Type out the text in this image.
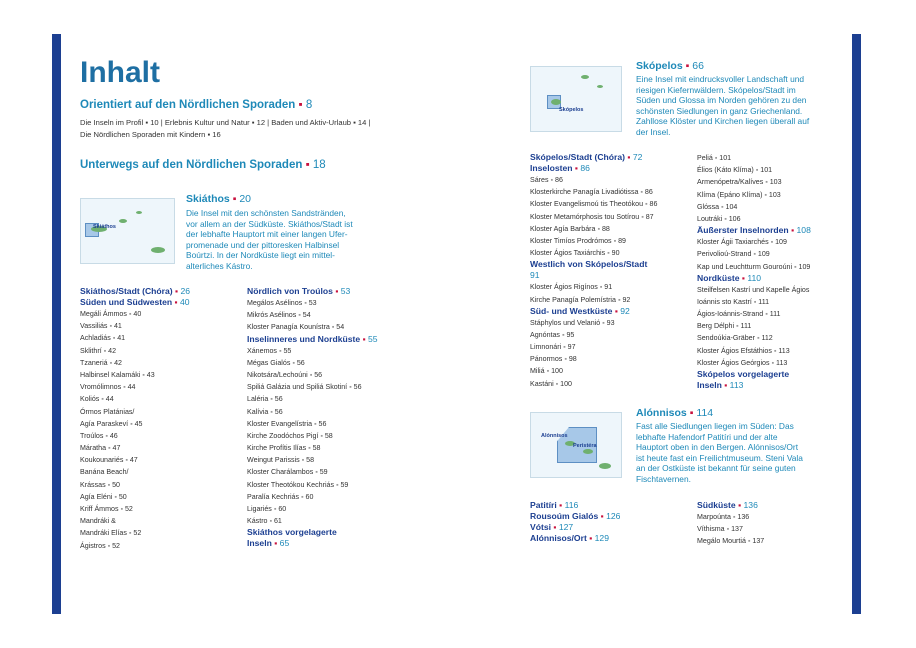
Inhalt
Orientiert auf den Nördlichen Sporaden ▪ 8
Die Inseln im Profil ▪ 10 | Erlebnis Kultur und Natur ▪ 12 | Baden und Aktiv-Urlaub ▪ 14 |
Die Nördlichen Sporaden mit Kindern ▪ 16
Unterwegs auf den Nördlichen Sporaden ▪ 18
Skiáthos
Skiáthos ▪ 20
Die Insel mit den schönsten Sandstränden,
vor allem an der Südküste. Skiáthos/Stadt ist
der lebhafte Hauptort mit einer langen Ufer-
promenade und der pittoresken Halbinsel
Boúrtzi. In der Nordküste liegt ein mittel-
alterliches Kástro.
Skiáthos/Stadt (Chóra) ▪ 26
Süden und Südwesten ▪ 40
Megáli Ámmos ▪ 40
Vassiliás ▪ 41
Achladiás ▪ 41
Sklithrí ▪ 42
Tzaneriá ▪ 42
Halbinsel Kalamáki ▪ 43
Vromólimnos ▪ 44
Koliós ▪ 44
Órmos Platánias/
Agía Paraskeví ▪ 45
Troúlos ▪ 46
Máratha ▪ 47
Koukounariés ▪ 47
Banána Beach/
Krássas ▪ 50
Agía Eléni ▪ 50
Kriff Ámmos ▪ 52
Mandráki &
Mandráki Elías ▪ 52
Ágistros ▪ 52
Nördlich von Troúlos ▪ 53
Megálos Asélinos ▪ 53
Mikrós Asélinos ▪ 54
Kloster Panagía Kounístra ▪ 54
Inselinneres und Nordküste ▪ 55
Xánemos ▪ 55
Mégas Gialós ▪ 56
Nikotsára/Lechoúni ▪ 56
Spiliá Galázia und Spiliá Skotiní ▪ 56
Laléria ▪ 56
Kalívia ▪ 56
Kloster Evangelístria ▪ 56
Kirche Zoodóchos Pigí ▪ 58
Kirche Profítis Ilías ▪ 58
Weingut Parissis ▪ 58
Kloster Charálambos ▪ 59
Kloster Theotókou Kechriás ▪ 59
Paralía Kechriás ▪ 60
Ligariés ▪ 60
Kástro ▪ 61
Skiáthos vorgelagerte
Inseln ▪ 65
Skópelos
Skópelos ▪ 66
Eine Insel mit eindrucksvoller Landschaft und
riesigen Kiefernwäldern. Skópelos/Stadt im
Süden und Glossa im Norden gehören zu den
schönsten Siedlungen in ganz Griechenland.
Zahllose Klöster und Kirchen liegen überall auf
der Insel.
Skópelos/Stadt (Chóra) ▪ 72
Inselosten ▪ 86
Sáres ▪ 86
Klosterkirche Panagía Livadiótissa ▪ 86
Kloster Evangelismoú tis Theotókou ▪ 86
Kloster Metamórphosis tou Sotírou ▪ 87
Kloster Agía Barbára ▪ 88
Kloster Timíos Prodrómos ▪ 89
Kloster Ágios Taxiárchis ▪ 90
Westlich von Skópelos/Stadt
91
Kloster Ágios Rigínos ▪ 91
Kirche Panagía Polemístria ▪ 92
Süd- und Westküste ▪ 92
Stáphylos und Velanió ▪ 93
Agnóntas ▪ 95
Limnonári ▪ 97
Pánormos ▪ 98
Miliá ▪ 100
Kastáni ▪ 100
Peliá ▪ 101
Élios (Káto Klíma) ▪ 101
Armenópetra/Kalíves ▪ 103
Klíma (Epáno Klíma) ▪ 103
Glóssa ▪ 104
Loutráki ▪ 106
Äußerster Inselnorden ▪ 108
Kloster Ágii Taxiarchés ▪ 109
Perivolioú-Strand ▪ 109
Kap und Leuchtturm Gouroúni ▪ 109
Nordküste ▪ 110
Steilfelsen Kastrí und Kapelle Ágios
Ioánnis sto Kastrí ▪ 111
Ágios-Ioánnis-Strand ▪ 111
Berg Délphi ▪ 111
Sendoúkia-Gräber ▪ 112
Kloster Ágios Efstáthios ▪ 113
Kloster Ágios Geórgios ▪ 113
Skópelos vorgelagerte
Inseln ▪ 113
Alónnisos
Peristéra
Alónnisos ▪ 114
Fast alle Siedlungen liegen im Süden: Das
lebhafte Hafendorf Patitíri und der alte
Hauptort oben in den Bergen. Alónnisos/Ort
ist heute fast ein Freilichtmuseum. Steni Vala
an der Ostküste ist bekannt für seine guten
Fischtavernen.
Patitíri ▪ 116
Rousoúm Gialós ▪ 126
Vótsi ▪ 127
Alónnisos/Ort ▪ 129
Südküste ▪ 136
Marpoúnta ▪ 136
Víthisma ▪ 137
Megálo Mourtiá ▪ 137
